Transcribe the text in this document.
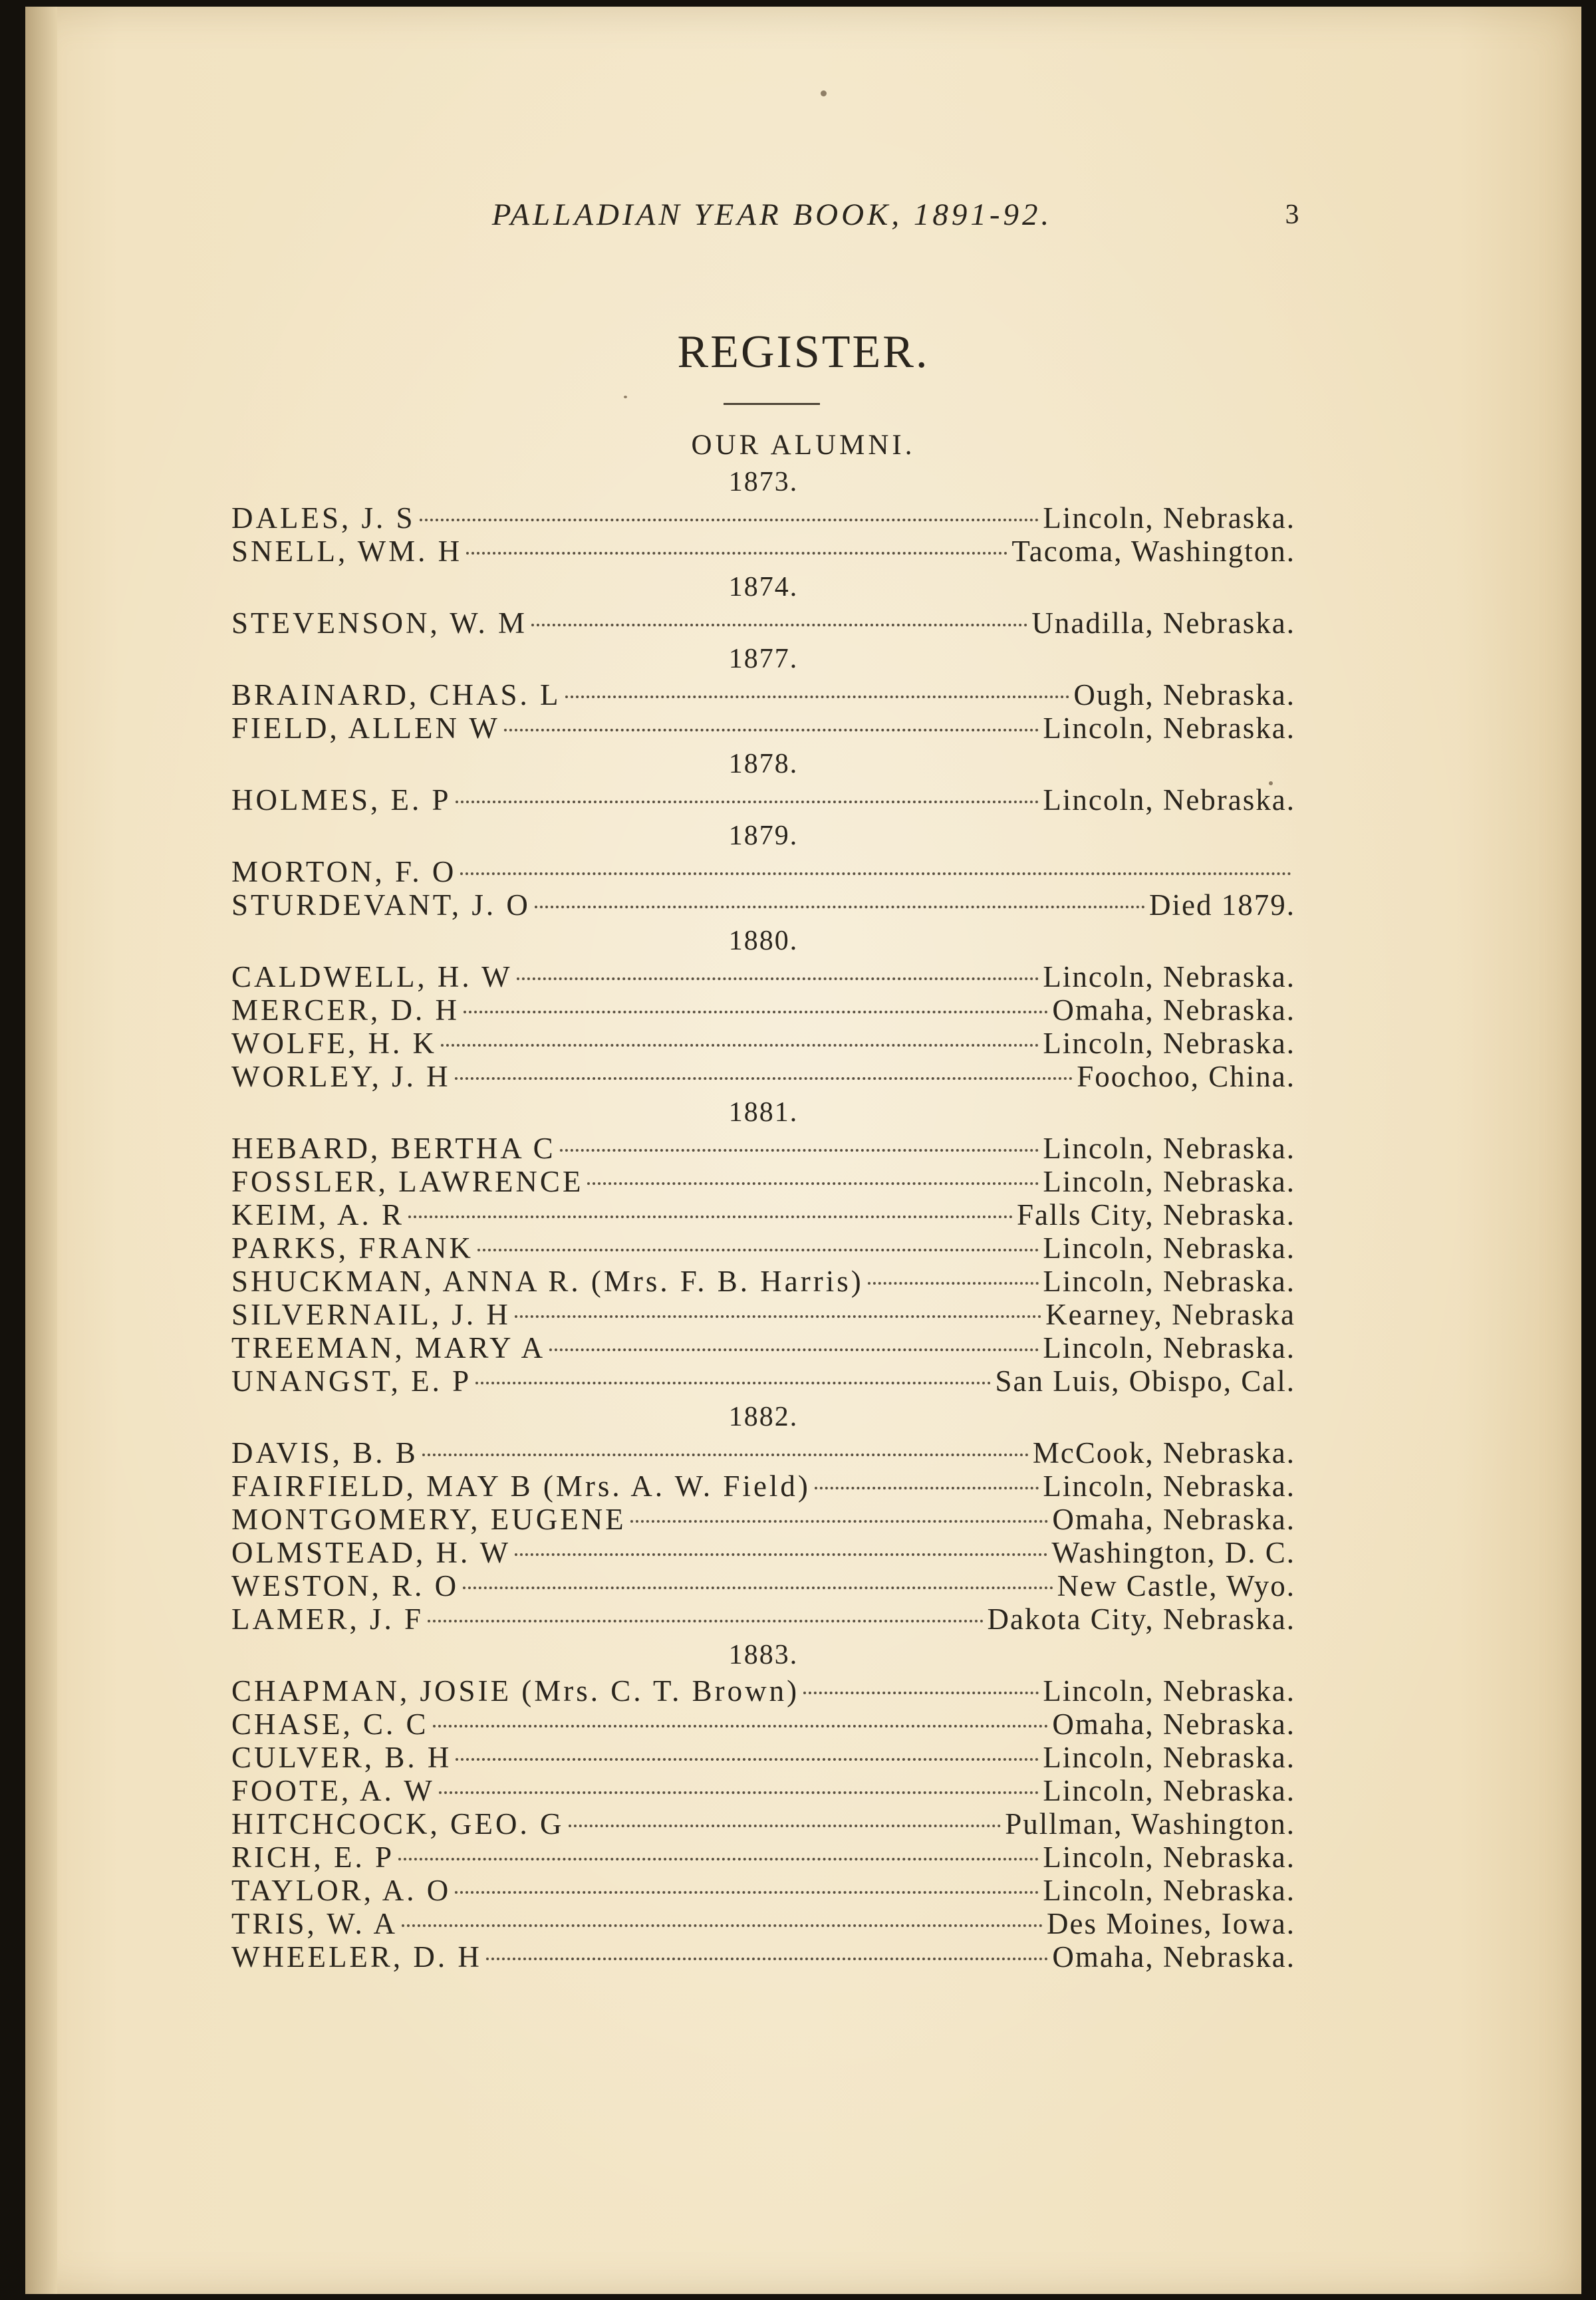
PALLADIAN YEAR BOOK, 1891-92.	3
REGISTER.
OUR ALUMNI.
1873.
DALES, J. S	Lincoln, Nebraska.
SNELL, WM. H	Tacoma, Washington.
1874.
STEVENSON, W. M	Unadilla, Nebraska.
1877.
BRAINARD, CHAS. L	Ough, Nebraska.
FIELD, ALLEN W	Lincoln, Nebraska.
1878.
HOLMES, E. P	Lincoln, Nebraska.
1879.
MORTON, F. O
STURDEVANT, J. O	Died 1879.
1880.
CALDWELL, H. W	Lincoln, Nebraska.
MERCER, D. H	Omaha, Nebraska.
WOLFE, H. K	Lincoln, Nebraska.
WORLEY, J. H	Foochoo, China.
1881.
HEBARD, BERTHA C	Lincoln, Nebraska.
FOSSLER, LAWRENCE	Lincoln, Nebraska.
KEIM, A. R	Falls City, Nebraska.
PARKS, FRANK	Lincoln, Nebraska.
SHUCKMAN, ANNA R. (Mrs. F. B. Harris)	Lincoln, Nebraska.
SILVERNAIL, J. H	Kearney, Nebraska
TREEMAN, MARY A	Lincoln, Nebraska.
UNANGST, E. P	San Luis, Obispo, Cal.
1882.
DAVIS, B. B	McCook, Nebraska.
FAIRFIELD, MAY B (Mrs. A. W. Field)	Lincoln, Nebraska.
MONTGOMERY, EUGENE	Omaha, Nebraska.
OLMSTEAD, H. W	Washington, D. C.
WESTON, R. O	New Castle, Wyo.
LAMER, J. F	Dakota City, Nebraska.
1883.
CHAPMAN, JOSIE (Mrs. C. T. Brown)	Lincoln, Nebraska.
CHASE, C. C	Omaha, Nebraska.
CULVER, B. H	Lincoln, Nebraska.
FOOTE, A. W	Lincoln, Nebraska.
HITCHCOCK, GEO. G	Pullman, Washington.
RICH, E. P	Lincoln, Nebraska.
TAYLOR, A. O	Lincoln, Nebraska.
TRIS, W. A	Des Moines, Iowa.
WHEELER, D. H	Omaha, Nebraska.
